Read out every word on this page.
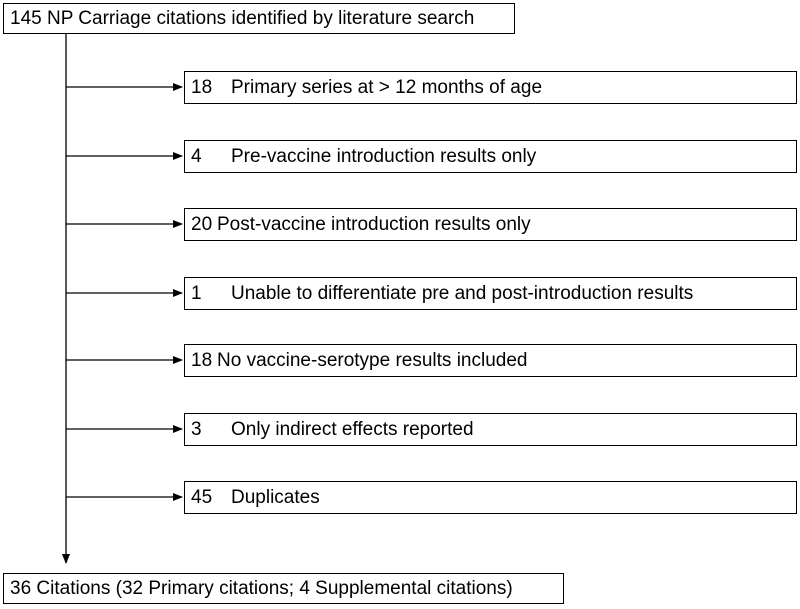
145 NP Carriage citations identified by literature search
18 Primary series at > 12 months of age
4	Pre-vaccine introduction results only
20 Post-vaccine introduction results only
1	Unable to differentiate pre and post-introduction results
18 No vaccine-serotype results included
3	Only indirect effects reported
45 Duplicates
36 Citations (32 Primary citations; 4 Supplemental citations)
